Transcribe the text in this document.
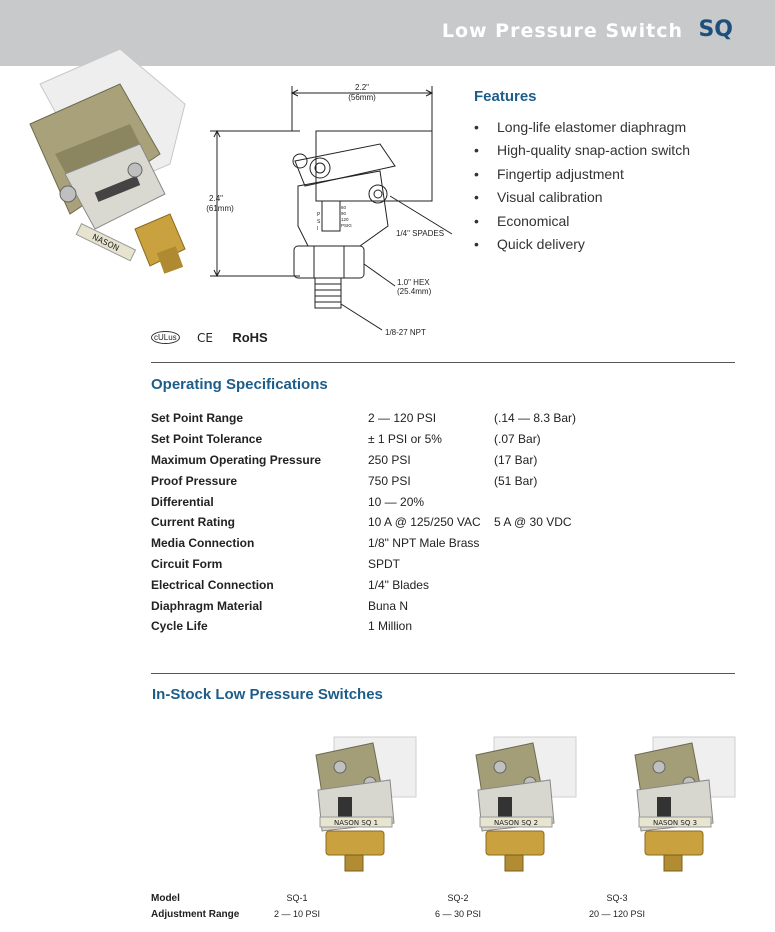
Low Pressure Switch SQ
NASON
2.2"
(56mm)
2.4"
(61mm)
1/4" SPADES
1.0" HEX
(25.4mm)
1/8-27 NPT
P
S
I
60
90
120
PSIG
Features
• Long-life elastomer diaphragm
• High-quality snap-action switch
• Fingertip adjustment
• Visual calibration
• Economical
• Quick delivery
cULus CE RoHS
Operating Specifications
Set Point Range	2 — 120 PSI	(.14 — 8.3 Bar)
Set Point Tolerance	± 1 PSI or 5%	(.07 Bar)
Maximum Operating Pressure	250 PSI	(17 Bar)
Proof Pressure	750 PSI	(51 Bar)
Differential	10 — 20%	
Current Rating	10 A @ 125/250 VAC	5 A @ 30 VDC
Media Connection	1/8" NPT Male Brass	
Circuit Form	SPDT	
Electrical Connection	1/4" Blades	
Diaphragm Material	Buna N	
Cycle Life	1 Million	
In-Stock Low Pressure Switches
NASON SQ 1	NASON SQ 2	NASON SQ 3
Model	SQ-1	SQ-2	SQ-3
Adjustment Range	2 — 10 PSI	6 — 30 PSI	20 — 120 PSI
